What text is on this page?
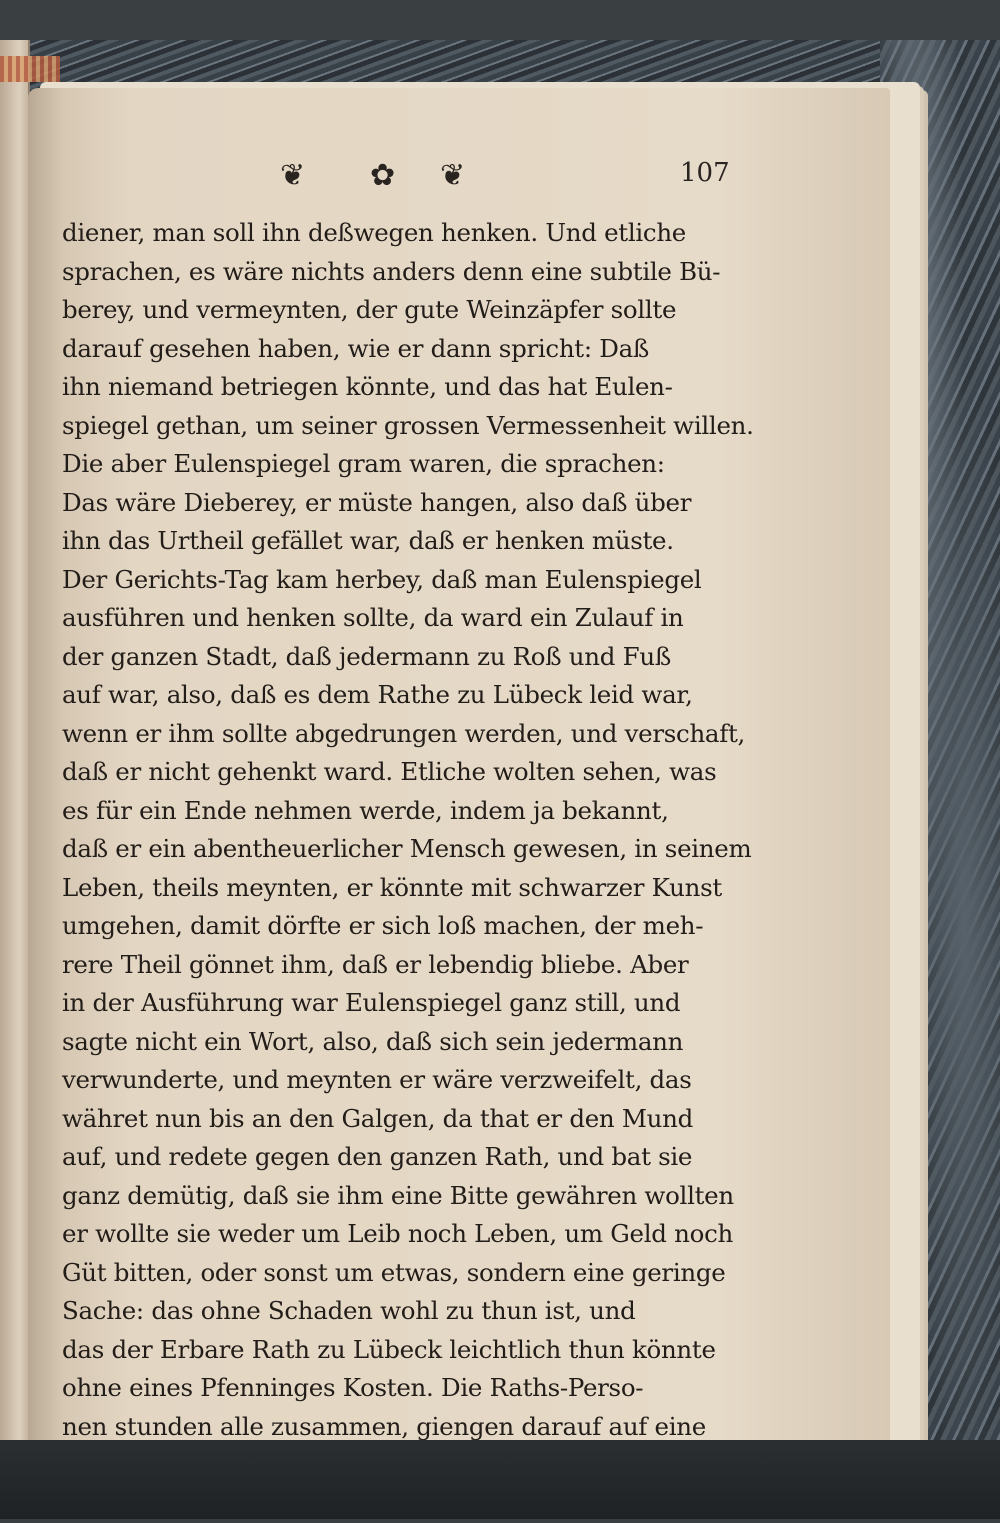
❦ ✿ ❦	107
diener, man soll ihn deßwegen henken. Und etliche
sprachen, es wäre nichts anders denn eine subtile Bü-
berey, und vermeynten, der gute Weinzäpfer sollte
darauf gesehen haben, wie er dann spricht: Daß
ihn niemand betriegen könnte, und das hat Eulen-
spiegel gethan, um seiner grossen Vermessenheit willen.
Die aber Eulenspiegel gram waren, die sprachen:
Das wäre Dieberey, er müste hangen, also daß über
ihn das Urtheil gefället war, daß er henken müste.
Der Gerichts-Tag kam herbey, daß man Eulenspiegel
ausführen und henken sollte, da ward ein Zulauf in
der ganzen Stadt, daß jedermann zu Roß und Fuß
auf war, also, daß es dem Rathe zu Lübeck leid war,
wenn er ihm sollte abgedrungen werden, und verschaft,
daß er nicht gehenkt ward. Etliche wolten sehen, was
es für ein Ende nehmen werde, indem ja bekannt,
daß er ein abentheuerlicher Mensch gewesen, in seinem
Leben, theils meynten, er könnte mit schwarzer Kunst
umgehen, damit dörfte er sich loß machen, der meh-
rere Theil gönnet ihm, daß er lebendig bliebe. Aber
in der Ausführung war Eulenspiegel ganz still, und
sagte nicht ein Wort, also, daß sich sein jedermann
verwunderte, und meynten er wäre verzweifelt, das
währet nun bis an den Galgen, da that er den Mund
auf, und redete gegen den ganzen Rath, und bat sie
ganz demütig, daß sie ihm eine Bitte gewähren wollten
er wollte sie weder um Leib noch Leben, um Geld noch
Güt bitten, oder sonst um etwas, sondern eine geringe
Sache: das ohne Schaden wohl zu thun ist, und
das der Erbare Rath zu Lübeck leichtlich thun könnte
ohne eines Pfenninges Kosten. Die Raths-Perso-
nen stunden alle zusammen, giengen darauf auf eine
